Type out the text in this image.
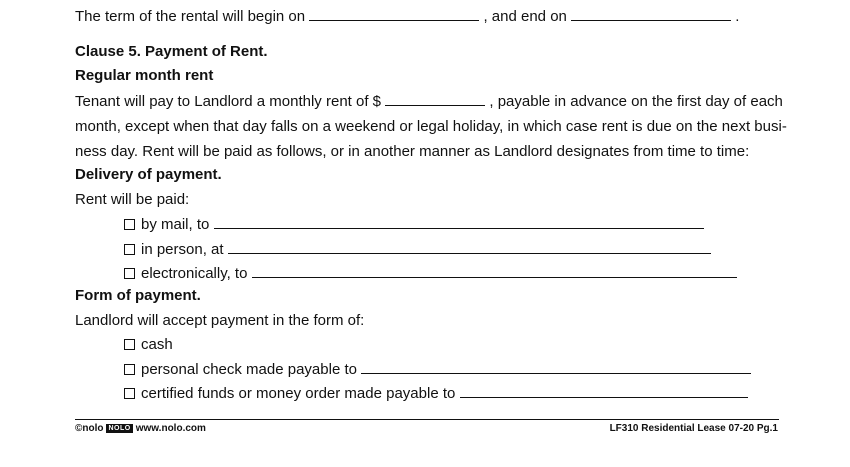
The term of the rental will begin on	, and end on	.
Clause 5. Payment of Rent.
Regular month rent
Tenant will pay to Landlord a monthly rent of $	, payable in advance on the first day of each
month, except when that day falls on a weekend or legal holiday, in which case rent is due on the next busi-
ness day. Rent will be paid as follows, or in another manner as Landlord designates from time to time:
Delivery of payment.
Rent will be paid:
by mail, to
in person, at
electronically, to
Form of payment.
Landlord will accept payment in the form of:
cash
personal check made payable to
certified funds or money order made payable to
©nolo NOLO www.nolo.com	LF310 Residential Lease 07-20 Pg.1
